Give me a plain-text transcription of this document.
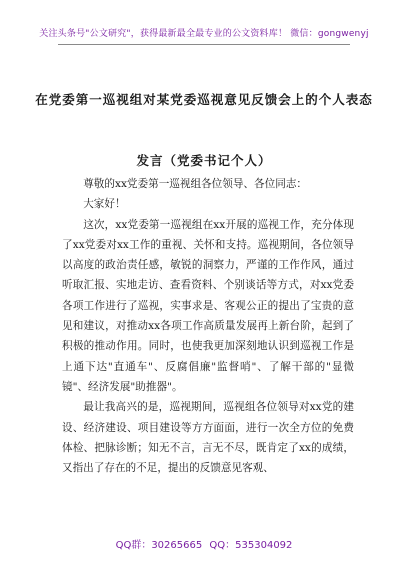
关注头条号"公文研究"，获得最新最全最专业的公文资料库！ 微信：gongwenyj
在党委第一巡视组对某党委巡视意见反馈会上的个人表态
发言（党委书记个人）

尊敬的xx党委第一巡视组各位领导、各位同志：

大家好！

这次，xx党委第一巡视组在xx开展的巡视工作，充分体现了xx党委对xx工作的重视、关怀和支持。巡视期间，各位领导以高度的政治责任感，敏锐的洞察力，严谨的工作作风，通过听取汇报、实地走访、查看资料、个别谈话等方式，对xx党委各项工作进行了巡视，实事求是、客观公正的提出了宝贵的意见和建议，对推动xx各项工作高质量发展再上新台阶，起到了积极的推动作用。同时，也使我更加深刻地认识到巡视工作是上通下达"直通车"、反腐倡廉"监督哨"、了解干部的"显微镜"、经济发展"助推器"。

最让我高兴的是，巡视期间，巡视组各位领导对xx党的建设、经济建设、项目建设等方方面面，进行一次全方位的免费体检、把脉诊断；知无不言，言无不尽，既肯定了xx的成绩，又指出了存在的不足，提出的反馈意见客观、

QQ群：30265665 QQ：535304092
